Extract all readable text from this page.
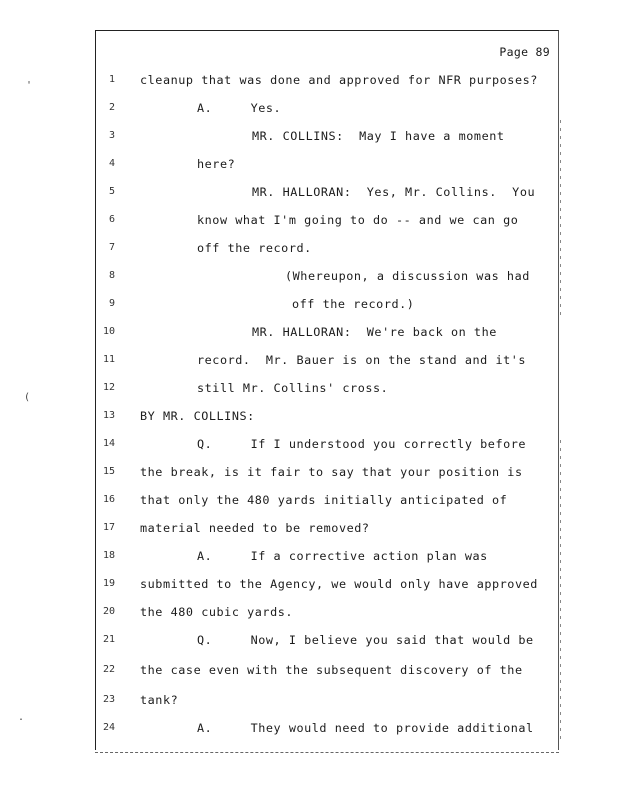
Page 89
1 cleanup that was done and approved for NFR purposes?
2	A.     Yes.
3	MR. COLLINS:  May I have a moment
4	here?
5	MR. HALLORAN:  Yes, Mr. Collins.  You
6	know what I'm going to do -- and we can go
7	off the record.
8	(Whereupon, a discussion was had
9	off the record.)
10	MR. HALLORAN:  We're back on the
11	record.  Mr. Bauer is on the stand and it's
12	still Mr. Collins' cross.
13 BY MR. COLLINS:
14	Q.     If I understood you correctly before
15 the break, is it fair to say that your position is
16 that only the 480 yards initially anticipated of
17 material needed to be removed?
18	A.     If a corrective action plan was
19 submitted to the Agency, we would only have approved
20 the 480 cubic yards.
21	Q.     Now, I believe you said that would be
22 the case even with the subsequent discovery of the
23 tank?
24	A.     They would need to provide additional
'
(
.
